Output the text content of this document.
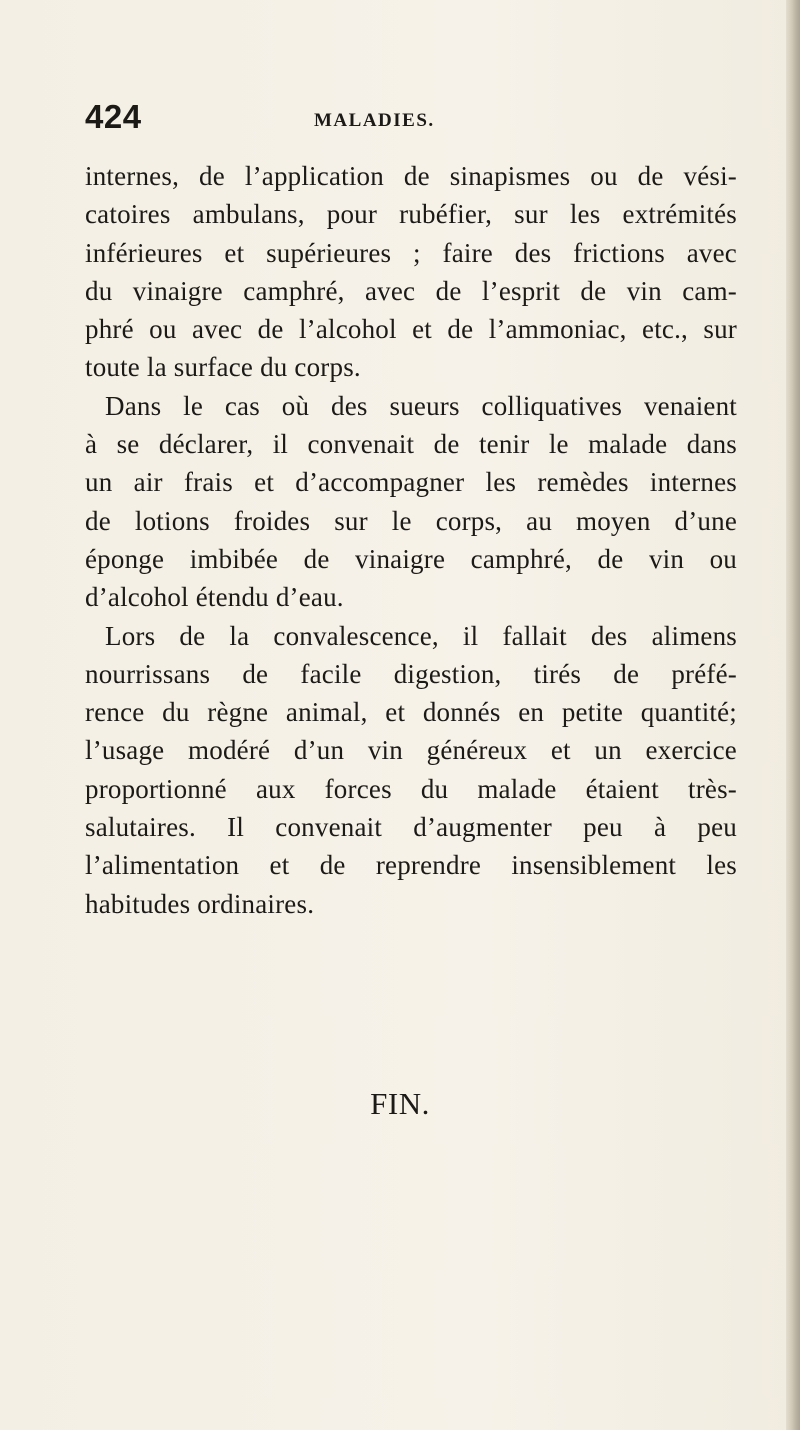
424	MALADIES.
internes, de l’application de sinapismes ou de vési-
catoires ambulans, pour rubéfier, sur les extrémités
inférieures et supérieures ; faire des frictions avec
du vinaigre camphré, avec de l’esprit de vin cam-
phré ou avec de l’alcohol et de l’ammoniac, etc., sur
toute la surface du corps.
Dans le cas où des sueurs colliquatives venaient
à se déclarer, il convenait de tenir le malade dans
un air frais et d’accompagner les remèdes internes
de lotions froides sur le corps, au moyen d’une
éponge imbibée de vinaigre camphré, de vin ou
d’alcohol étendu d’eau.
Lors de la convalescence, il fallait des alimens
nourrissans de facile digestion, tirés de préfé-
rence du règne animal, et donnés en petite quantité;
l’usage modéré d’un vin généreux et un exercice
proportionné aux forces du malade étaient très-
salutaires. Il convenait d’augmenter peu à peu
l’alimentation et de reprendre insensiblement les
habitudes ordinaires.
FIN.
